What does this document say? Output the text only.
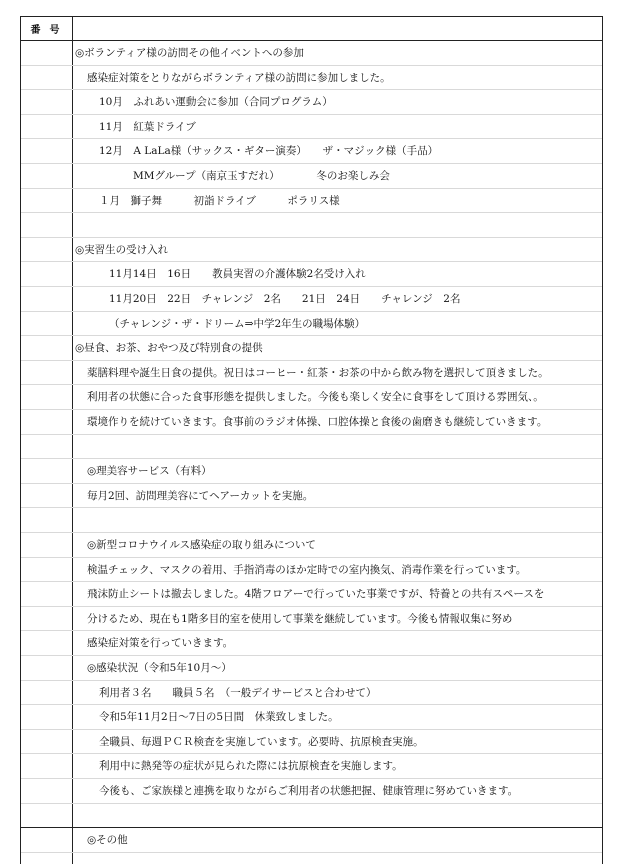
番号
◎ボランティア様の訪問その他イベントへの参加
感染症対策をとりながらボランティア様の訪問に参加しました。
10月　ふれあい運動会に参加（合同プログラム）
11月　紅葉ドライブ
12月　A LaLa様（サックス・ギター演奏）　　ザ・マジック様（手品）
MMグループ（南京玉すだれ）　　　　冬のお楽しみ会
１月　獅子舞　　　初詣ドライブ　　　ポラリス様
◎実習生の受け入れ
11月14日　16日　　教員実習の介護体験2名受け入れ
11月20日　22日　チャレンジ　2名　　21日　24日　　チャレンジ　2名
（チャレンジ・ザ・ドリーム⇒中学2年生の職場体験）
◎昼食、お茶、おやつ及び特別食の提供
薬膳料理や誕生日食の提供。祝日はコーヒー・紅茶・お茶の中から飲み物を選択して頂きました。
利用者の状態に合った食事形態を提供しました。今後も楽しく安全に食事をして頂ける雰囲気、。
環境作りを続けていきます。食事前のラジオ体操、口腔体操と食後の歯磨きも継続していきます。
◎理美容サービス（有料）
毎月2回、訪問理美容にてヘアーカットを実施。
◎新型コロナウイルス感染症の取り組みについて
検温チェック、マスクの着用、手指消毒のほか定時での室内換気、消毒作業を行っています。
飛沫防止シートは撤去しました。4階フロアーで行っていた事業ですが、特養との共有スペースを
分けるため、現在も1階多目的室を使用して事業を継続しています。今後も情報収集に努め
感染症対策を行っていきます。
◎感染状況（令和5年10月～）
利用者３名　　職員５名　（一般デイサービスと合わせて）
令和5年11月2日～7日の5日間　休業致しました。
全職員、毎週ＰＣＲ検査を実施しています。必要時、抗原検査実施。
利用中に熱発等の症状が見られた際には抗原検査を実施します。
今後も、ご家族様と連携を取りながらご利用者の状態把握、健康管理に努めていきます。
◎その他
